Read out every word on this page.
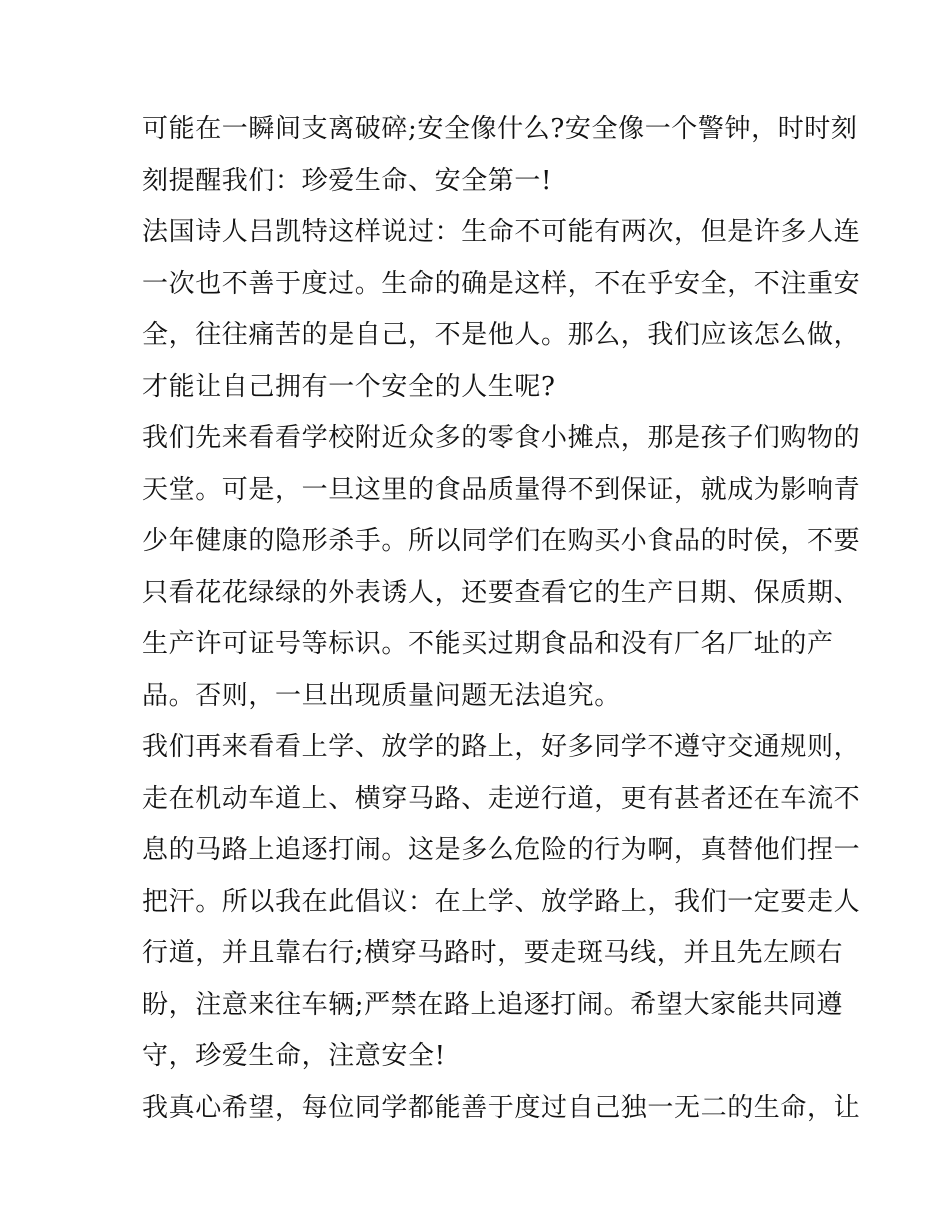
可能在一瞬间支离破碎;安全像什么?安全像一个警钟，时时刻
刻提醒我们：珍爱生命、安全第一!
法国诗人吕凯特这样说过：生命不可能有两次，但是许多人连
一次也不善于度过。生命的确是这样，不在乎安全，不注重安
全，往往痛苦的是自己，不是他人。那么，我们应该怎么做，
才能让自己拥有一个安全的人生呢?
我们先来看看学校附近众多的零食小摊点，那是孩子们购物的
天堂。可是，一旦这里的食品质量得不到保证，就成为影响青
少年健康的隐形杀手。所以同学们在购买小食品的时侯，不要
只看花花绿绿的外表诱人，还要查看它的生产日期、保质期、
生产许可证号等标识。不能买过期食品和没有厂名厂址的产
品。否则，一旦出现质量问题无法追究。
我们再来看看上学、放学的路上，好多同学不遵守交通规则，
走在机动车道上、横穿马路、走逆行道，更有甚者还在车流不
息的马路上追逐打闹。这是多么危险的行为啊，真替他们捏一
把汗。所以我在此倡议：在上学、放学路上，我们一定要走人
行道，并且靠右行;横穿马路时，要走斑马线，并且先左顾右
盼，注意来往车辆;严禁在路上追逐打闹。希望大家能共同遵
守，珍爱生命，注意安全!
我真心希望，每位同学都能善于度过自己独一无二的生命，让
